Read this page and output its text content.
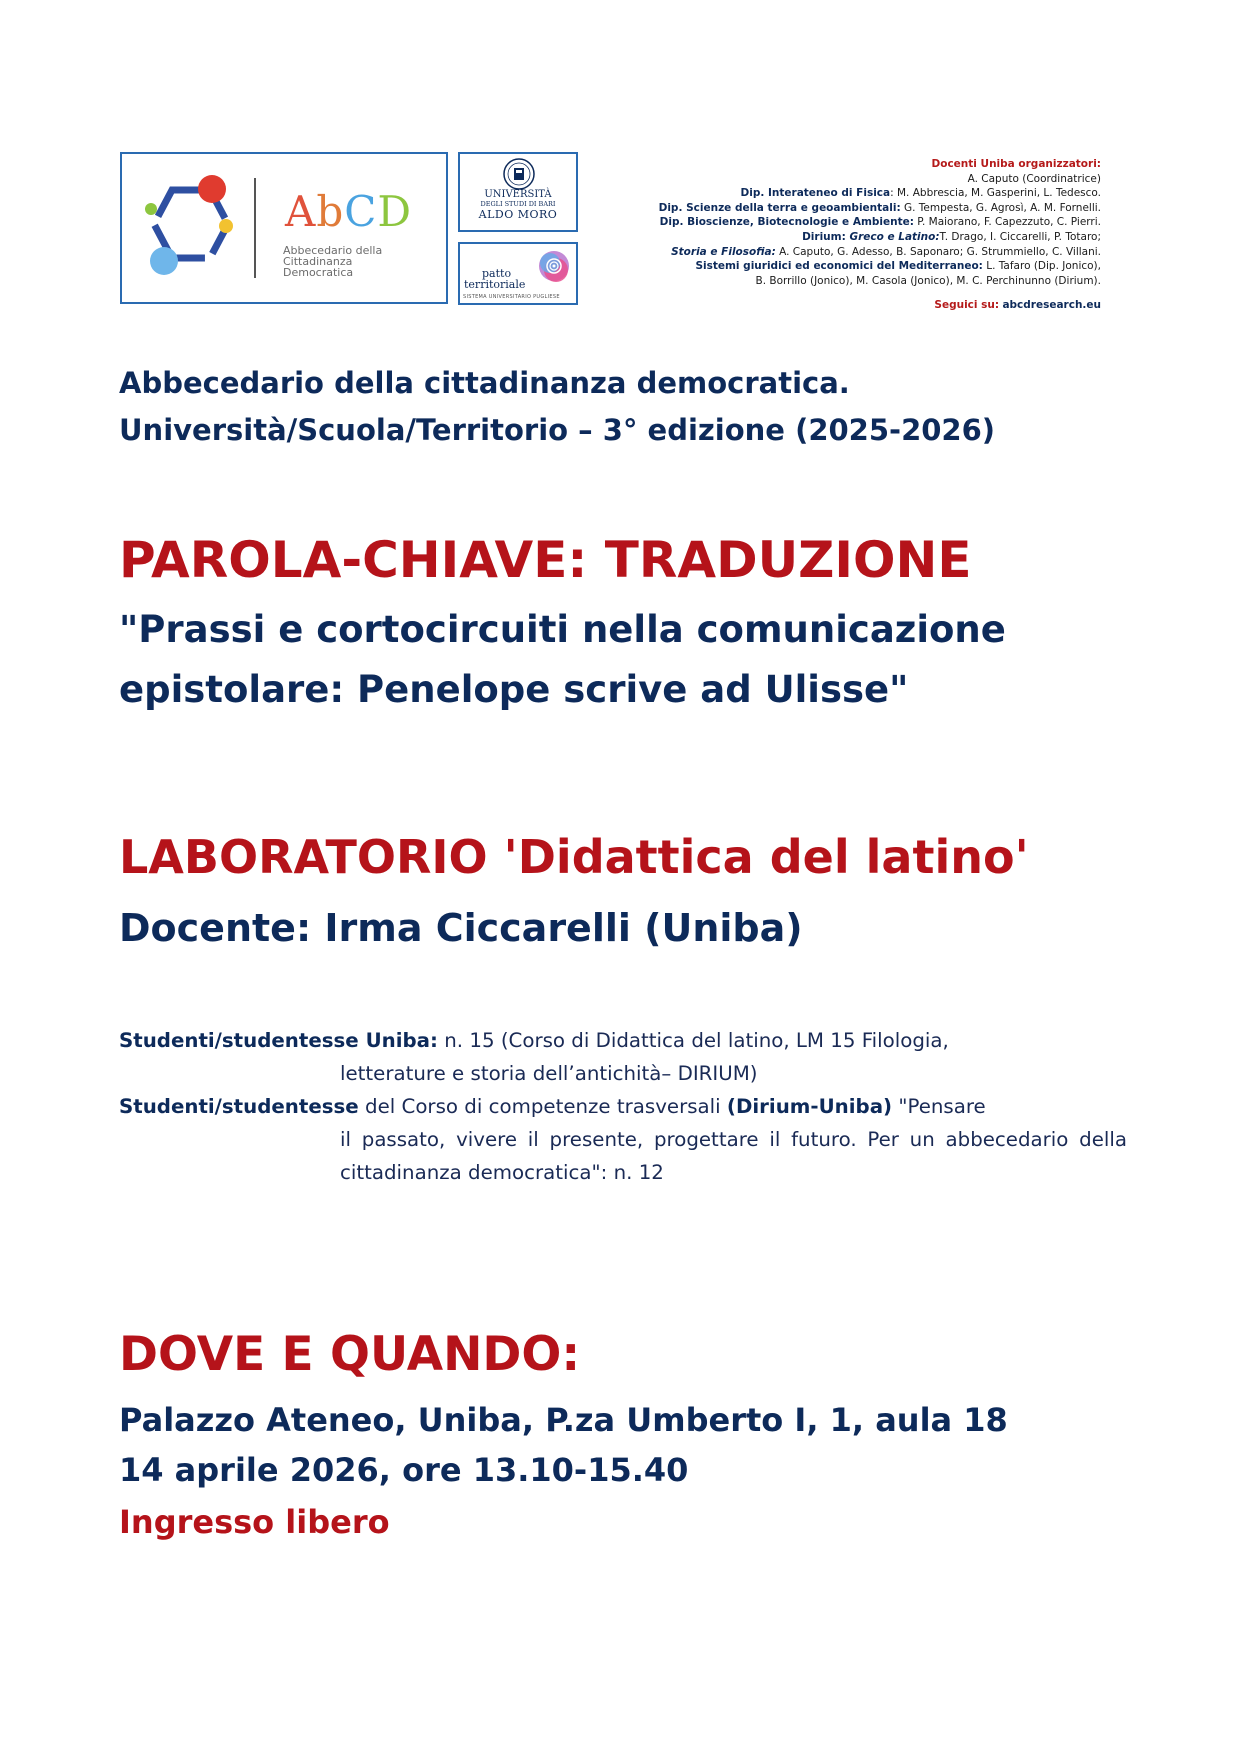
AbCD
Abbecedario della
Cittadinanza
Democratica
UNIVERSITÀ
DEGLI STUDI DI BARI
ALDO MORO
patto
territoriale
SISTEMA UNIVERSITARIO PUGLIESE
Docenti Uniba organizzatori:
A. Caputo (Coordinatrice)
Dip. Interateneo di Fisica: M. Abbrescia, M. Gasperini, L. Tedesco.
Dip. Scienze della terra e geoambientali: G. Tempesta, G. Agrosì, A. M. Fornelli.
Dip. Bioscienze, Biotecnologie e Ambiente: P. Maiorano, F. Capezzuto, C. Pierri.
Dirium: Greco e Latino:T. Drago, I. Ciccarelli, P. Totaro;
Storia e Filosofia: A. Caputo, G. Adesso, B. Saponaro; G. Strummiello, C. Villani.
Sistemi giuridici ed economici del Mediterraneo: L. Tafaro (Dip. Jonico),
B. Borrillo (Jonico), M. Casola (Jonico), M. C. Perchinunno (Dirium).
Seguici su: abcdresearch.eu
Abbecedario della cittadinanza democratica.
Università/Scuola/Territorio – 3° edizione (2025-2026)
PAROLA-CHIAVE: TRADUZIONE
"Prassi e cortocircuiti nella comunicazione
epistolare: Penelope scrive ad Ulisse"
LABORATORIO 'Didattica del latino'
Docente: Irma Ciccarelli (Uniba)
Studenti/studentesse Uniba: n. 15 (Corso di Didattica del latino, LM 15 Filologia,
letterature e storia dell’antichità– DIRIUM)
Studenti/studentesse del Corso di competenze trasversali (Dirium-Uniba) "Pensare
il passato, vivere il presente, progettare il futuro. Per un abbecedario della cittadinanza democratica": n. 12
DOVE E QUANDO:
Palazzo Ateneo, Uniba, P.za Umberto I, 1, aula 18
14 aprile 2026, ore 13.10-15.40
Ingresso libero
